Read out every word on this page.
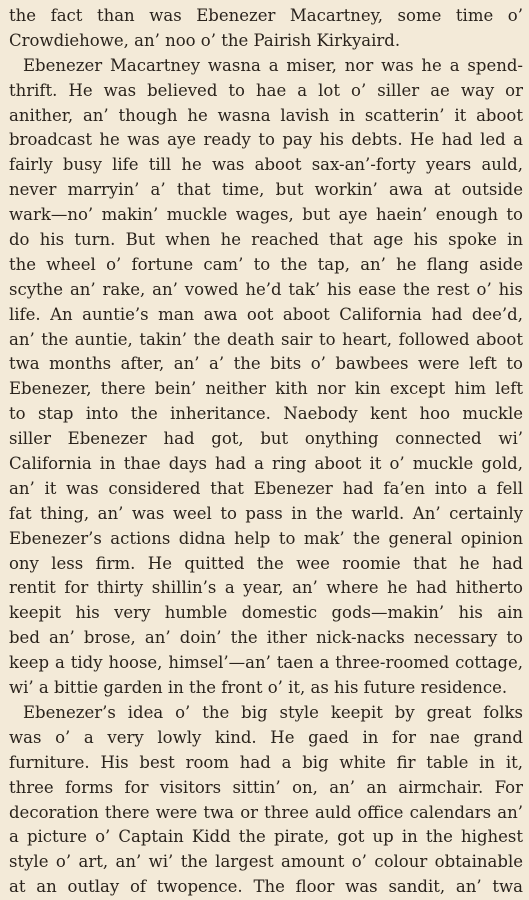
the fact than was Ebenezer Macartney, some time o’
Crowdiehowe, an’ noo o’ the Pairish Kirkyaird.
Ebenezer Macartney wasna a miser, nor was he a spend-
thrift. He was believed to hae a lot o’ siller ae way or
anither, an’ though he wasna lavish in scatterin’ it aboot
broadcast he was aye ready to pay his debts. He had led a
fairly busy life till he was aboot sax-an’-forty years auld,
never marryin’ a’ that time, but workin’ awa at outside
wark—no’ makin’ muckle wages, but aye haein’ enough to
do his turn. But when he reached that age his spoke in
the wheel o’ fortune cam’ to the tap, an’ he flang aside
scythe an’ rake, an’ vowed he’d tak’ his ease the rest o’ his
life. An auntie’s man awa oot aboot California had dee’d,
an’ the auntie, takin’ the death sair to heart, followed aboot
twa months after, an’ a’ the bits o’ bawbees were left to
Ebenezer, there bein’ neither kith nor kin except him left
to stap into the inheritance. Naebody kent hoo muckle
siller Ebenezer had got, but onything connected wi’
California in thae days had a ring aboot it o’ muckle gold,
an’ it was considered that Ebenezer had fa’en into a fell
fat thing, an’ was weel to pass in the warld. An’ certainly
Ebenezer’s actions didna help to mak’ the general opinion
ony less firm. He quitted the wee roomie that he had
rentit for thirty shillin’s a year, an’ where he had hitherto
keepit his very humble domestic gods—makin’ his ain
bed an’ brose, an’ doin’ the ither nick-nacks necessary to
keep a tidy hoose, himsel’—an’ taen a three-roomed cottage,
wi’ a bittie garden in the front o’ it, as his future residence.
Ebenezer’s idea o’ the big style keepit by great folks
was o’ a very lowly kind. He gaed in for nae grand
furniture. His best room had a big white fir table in it,
three forms for visitors sittin’ on, an’ an airmchair. For
decoration there were twa or three auld office calendars an’
a picture o’ Captain Kidd the pirate, got up in the highest
style o’ art, an’ wi’ the largest amount o’ colour obtainable
at an outlay of twopence. The floor was sandit, an’ twa
